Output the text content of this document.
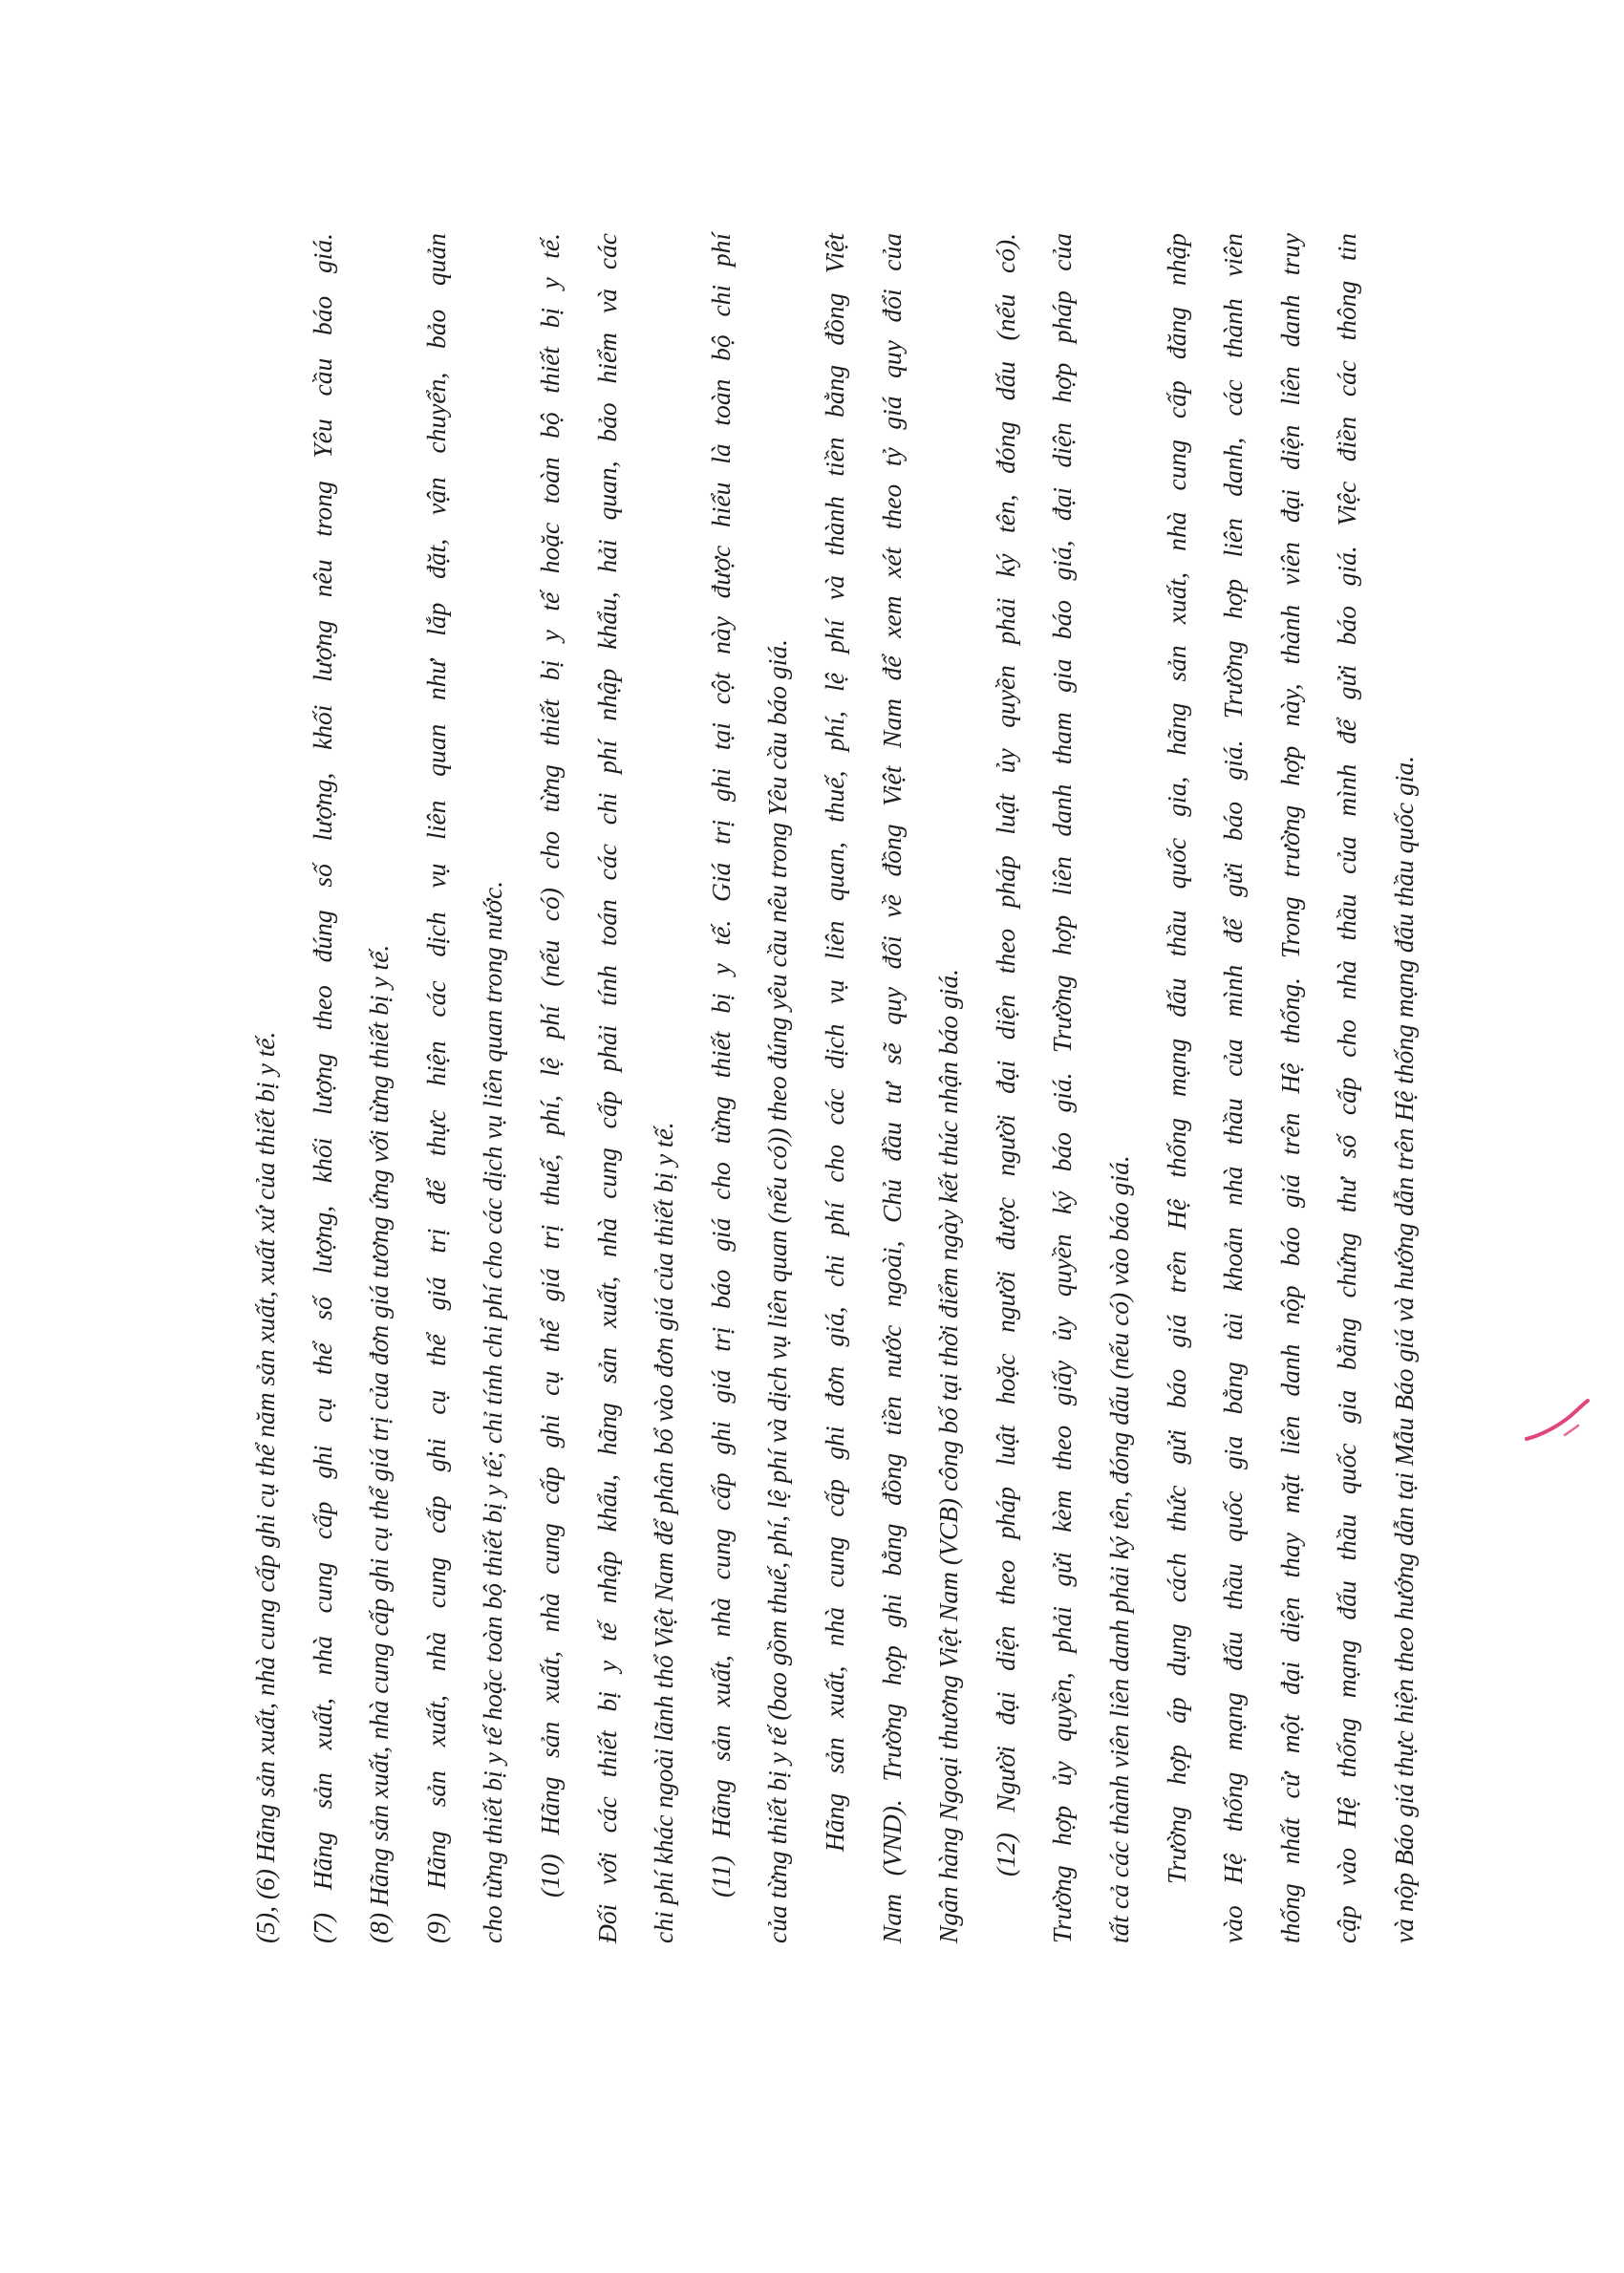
(5), (6) Hãng sản xuất, nhà cung cấp ghi cụ thể năm sản xuất, xuất xứ của thiết bị y tế.	(7) Hãng sản xuất, nhà cung cấp ghi cụ thể số lượng, khối lượng theo đúng số lượng, khối lượng nêu trong Yêu cầu báo giá.	(8) Hãng sản xuất, nhà cung cấp ghi cụ thể giá trị của đơn giá tương ứng với từng thiết bị y tế.	(9) Hãng sản xuất, nhà cung cấp ghi cụ thể giá trị để thực hiện các dịch vụ liên quan như lắp đặt, vận chuyển, bảo quản	cho từng thiết bị y tế hoặc toàn bộ thiết bị y tế; chỉ tính chi phí cho các dịch vụ liên quan trong nước.	(10) Hãng sản xuất, nhà cung cấp ghi cụ thể giá trị thuế, phí, lệ phí (nếu có) cho từng thiết bị y tế hoặc toàn bộ thiết bị y tế.	Đối với các thiết bị y tế nhập khẩu, hãng sản xuất, nhà cung cấp phải tính toán các chi phí nhập khẩu, hải quan, bảo hiểm và các	chi phí khác ngoài lãnh thổ Việt Nam để phân bổ vào đơn giá của thiết bị y tế.	(11) Hãng sản xuất, nhà cung cấp ghi giá trị báo giá cho từng thiết bị y tế. Giá trị ghi tại cột này được hiểu là toàn bộ chi phí	của từng thiết bị y tế (bao gồm thuế, phí, lệ phí và dịch vụ liên quan (nếu có)) theo đúng yêu cầu nêu trong Yêu cầu báo giá.	Hãng sản xuất, nhà cung cấp ghi đơn giá, chi phí cho các dịch vụ liên quan, thuế, phí, lệ phí và thành tiền bằng đồng Việt	Nam (VND). Trường hợp ghi bằng đồng tiền nước ngoài, Chủ đầu tư sẽ quy đổi về đồng Việt Nam để xem xét theo tỷ giá quy đổi của	Ngân hàng Ngoại thương Việt Nam (VCB) công bố tại thời điểm ngày kết thúc nhận báo giá.	(12) Người đại diện theo pháp luật hoặc người được người đại diện theo pháp luật ủy quyền phải ký tên, đóng dấu (nếu có).	Trường hợp ủy quyền, phải gửi kèm theo giấy ủy quyền ký báo giá. Trường hợp liên danh tham gia báo giá, đại diện hợp pháp của	tất cả các thành viên liên danh phải ký tên, đóng dấu (nếu có) vào báo giá.	Trường hợp áp dụng cách thức gửi báo giá trên Hệ thống mạng đấu thầu quốc gia, hãng sản xuất, nhà cung cấp đăng nhập	vào Hệ thống mạng đấu thầu quốc gia bằng tài khoản nhà thầu của mình để gửi báo giá. Trường hợp liên danh, các thành viên	thống nhất cử một đại diện thay mặt liên danh nộp báo giá trên Hệ thống. Trong trường hợp này, thành viên đại diện liên danh truy	cập vào Hệ thống mạng đấu thầu quốc gia bằng chứng thư số cấp cho nhà thầu của mình để gửi báo giá. Việc điền các thông tin	và nộp Báo giá thực hiện theo hướng dẫn tại Mẫu Báo giá và hướng dẫn trên Hệ thống mạng đấu thầu quốc gia.
